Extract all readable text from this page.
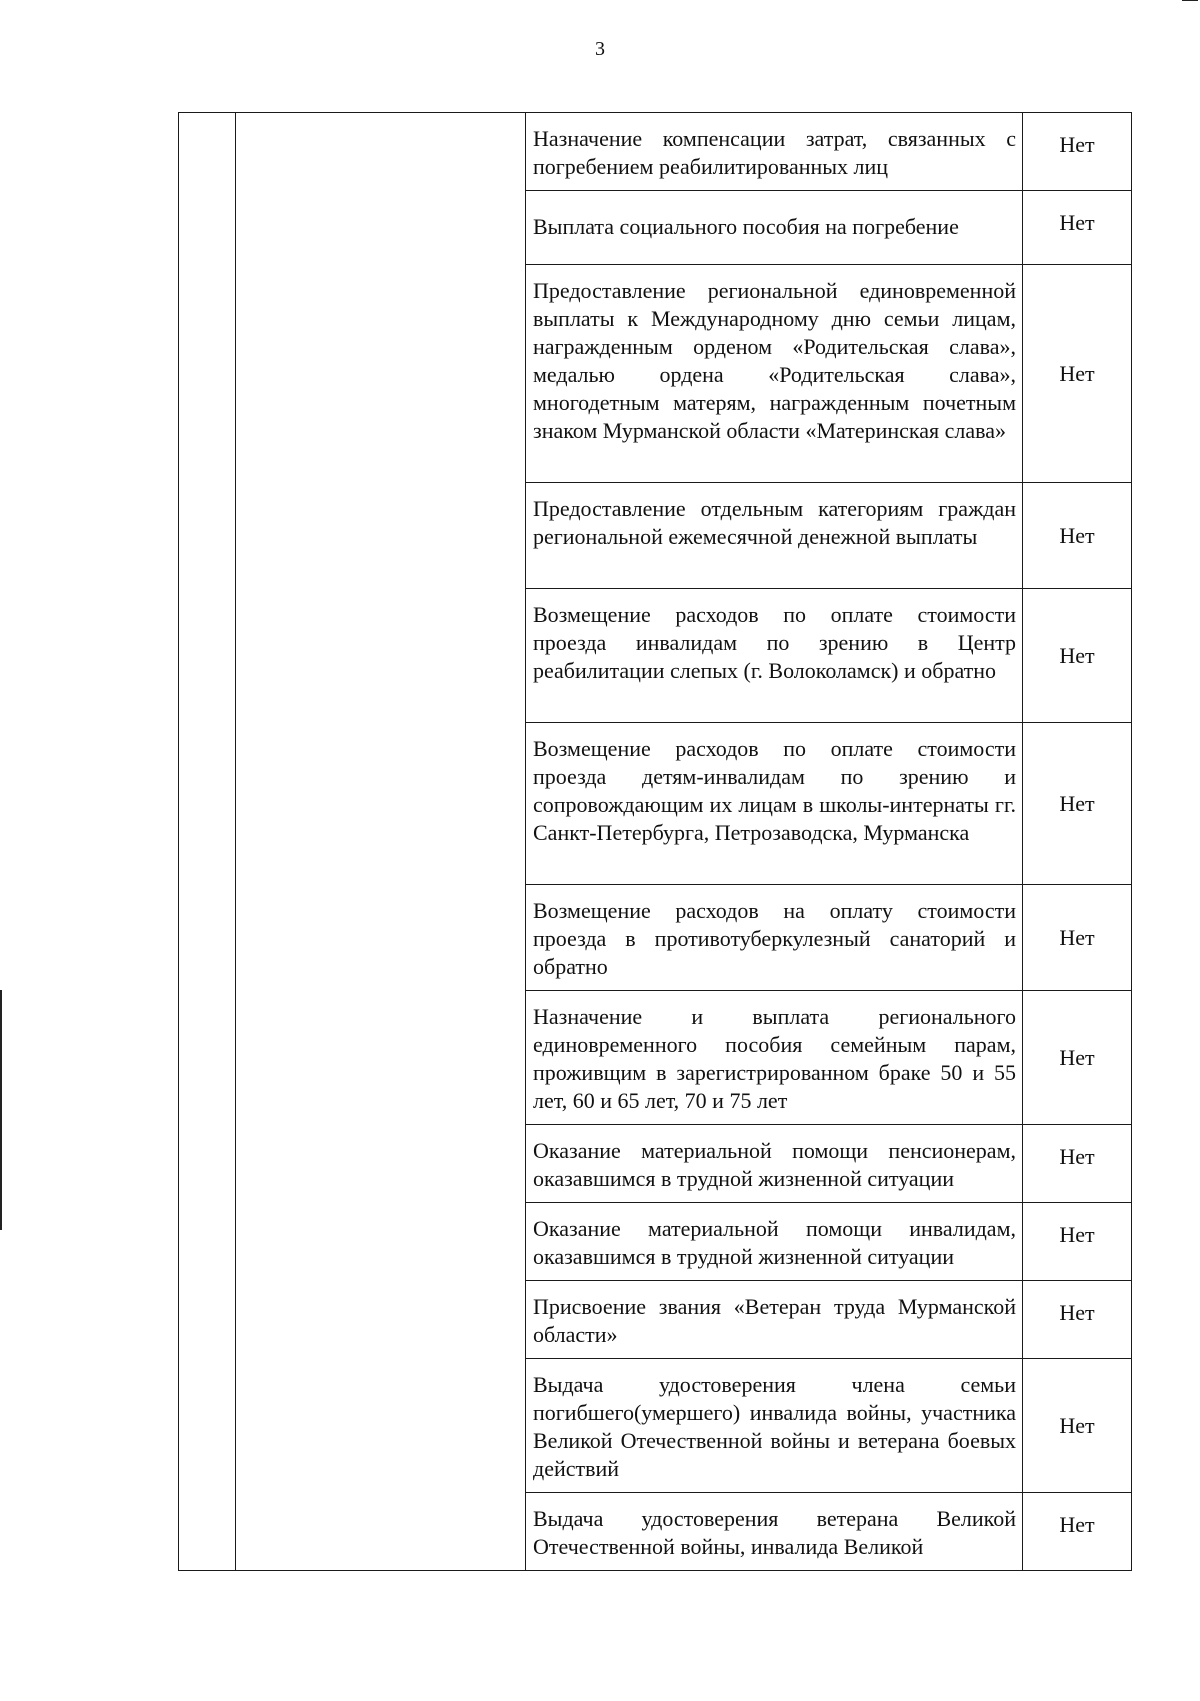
3
		Назначение компенсации затрат, связанных с погребением реабилитированных лиц	Нет
		Выплата социального пособия на погребение	Нет
		Предоставление региональной единовременной выплаты к Международному дню семьи лицам, награжденным орденом «Родительская слава», медалью ордена «Родительская слава», многодетным матерям, награжденным почетным знаком Мурманской области «Материнская слава»	Нет
		Предоставление отдельным категориям граждан региональной ежемесячной денежной выплаты	Нет
		Возмещение расходов по оплате стоимости проезда инвалидам по зрению в Центр реабилитации слепых (г. Волоколамск) и обратно	Нет
		Возмещение расходов по оплате стоимости проезда детям-инвалидам по зрению и сопровождающим их лицам в школы-интернаты гг. Санкт-Петербурга, Петрозаводска, Мурманска	Нет
		Возмещение расходов на оплату стоимости проезда в противотуберкулезный санаторий и обратно	Нет
		Назначение и выплата регионального единовременного пособия семейным парам, проживщим в зарегистрированном браке 50 и 55 лет, 60 и 65 лет, 70 и 75 лет	Нет
		Оказание материальной помощи пенсионерам, оказавшимся в трудной жизненной ситуации	Нет
		Оказание материальной помощи инвалидам, оказавшимся в трудной жизненной ситуации	Нет
		Присвоение звания «Ветеран труда Мурманской области»	Нет
		Выдача удостоверения члена семьи погибшего(умершего) инвалида войны, участника Великой Отечественной войны и ветерана боевых действий	Нет
		Выдача удостоверения ветерана Великой Отечественной войны, инвалида Великой	Нет
